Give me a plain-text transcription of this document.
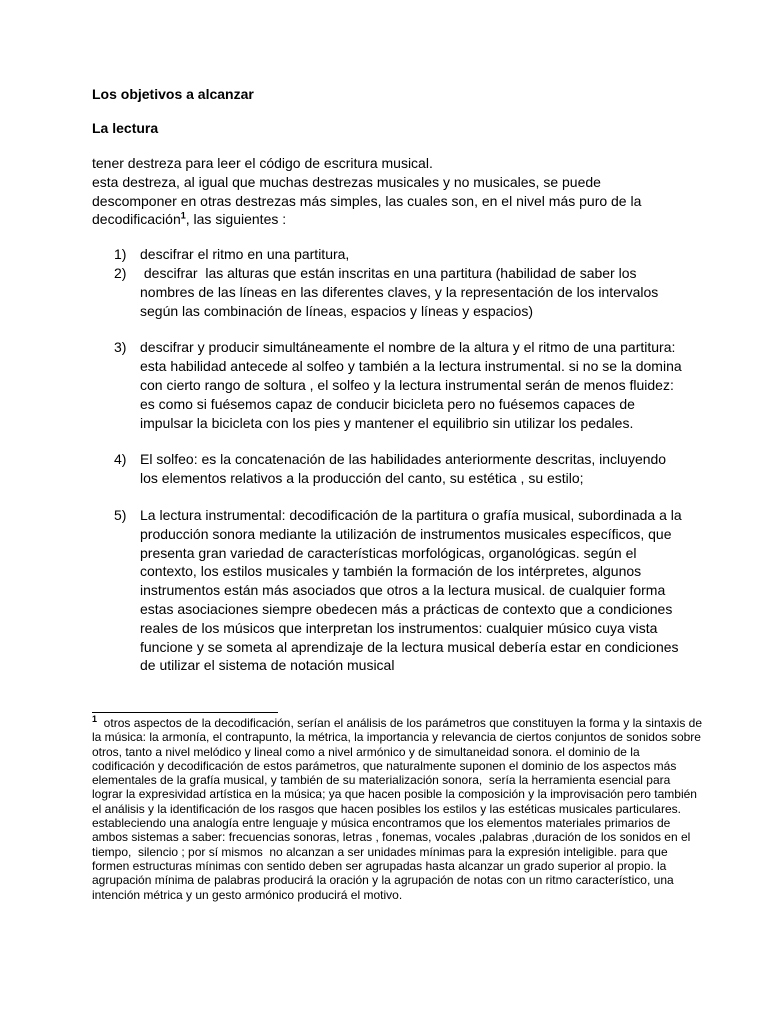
Los objetivos a alcanzar

La lectura

tener destreza para leer el código de escritura musical.
esta destreza, al igual que muchas destrezas musicales y no musicales, se puede descomponer en otras destrezas más simples, las cuales son, en el nivel más puro de la
decodificación$^1$, las siguientes :

1) descifrar el ritmo en una partitura,
2) descifrar  las alturas que están inscritas en una partitura (habilidad de saber los nombres de las líneas en las diferentes claves, y la representación de los intervalos según las combinación de líneas, espacios y líneas y espacios)
3) descifrar y producir simultáneamente el nombre de la altura y el ritmo de una partitura: esta habilidad antecede al solfeo y también a la lectura instrumental. si no se la domina con cierto rango de soltura , el solfeo y la lectura instrumental serán de menos fluidez: es como si fuésemos capaz de conducir bicicleta pero no fuésemos capaces de impulsar la bicicleta con los pies y mantener el equilibrio sin utilizar los pedales.
4) El solfeo: es la concatenación de las habilidades anteriormente descritas, incluyendo los elementos relativos a la producción del canto, su estética , su estilo;
5) La lectura instrumental: decodificación de la partitura o grafía musical, subordinada a la producción sonora mediante la utilización de instrumentos musicales específicos, que presenta gran variedad de características morfológicas, organológicas. según el contexto, los estilos musicales y también la formación de los intérpretes, algunos instrumentos están más asociados que otros a la lectura musical. de cualquier forma estas asociaciones siempre obedecen más a prácticas de contexto que a condiciones reales de los músicos que interpretan los instrumentos: cualquier músico cuya vista funcione y se someta al aprendizaje de la lectura musical debería estar en condiciones de utilizar el sistema de notación musical

$^1$  otros aspectos de la decodificación, serían el análisis de los parámetros que constituyen la forma y la sintaxis de la música: la armonía, el contrapunto, la métrica, la importancia y relevancia de ciertos conjuntos de sonidos sobre otros, tanto a nivel melódico y lineal como a nivel armónico y de simultaneidad sonora. el dominio de la codificación y decodificación de estos parámetros, que naturalmente suponen el dominio de los aspectos más elementales de la grafía musical, y también de su materialización sonora,  sería la herramienta esencial para lograr la expresividad artística en la música; ya que hacen posible la composición y la improvisación pero también el análisis y la identificación de los rasgos que hacen posibles los estilos y las estéticas musicales particulares. estableciendo una analogía entre lenguaje y música encontramos que los elementos materiales primarios de ambos sistemas a saber: frecuencias sonoras, letras , fonemas, vocales ,palabras ,duración de los sonidos en el tiempo,  silencio ; por sí mismos  no alcanzan a ser unidades mínimas para la expresión inteligible. para que formen estructuras mínimas con sentido deben ser agrupadas hasta alcanzar un grado superior al propio. la agrupación mínima de palabras producirá la oración y la agrupación de notas con un ritmo característico, una intención métrica y un gesto armónico producirá el motivo.
